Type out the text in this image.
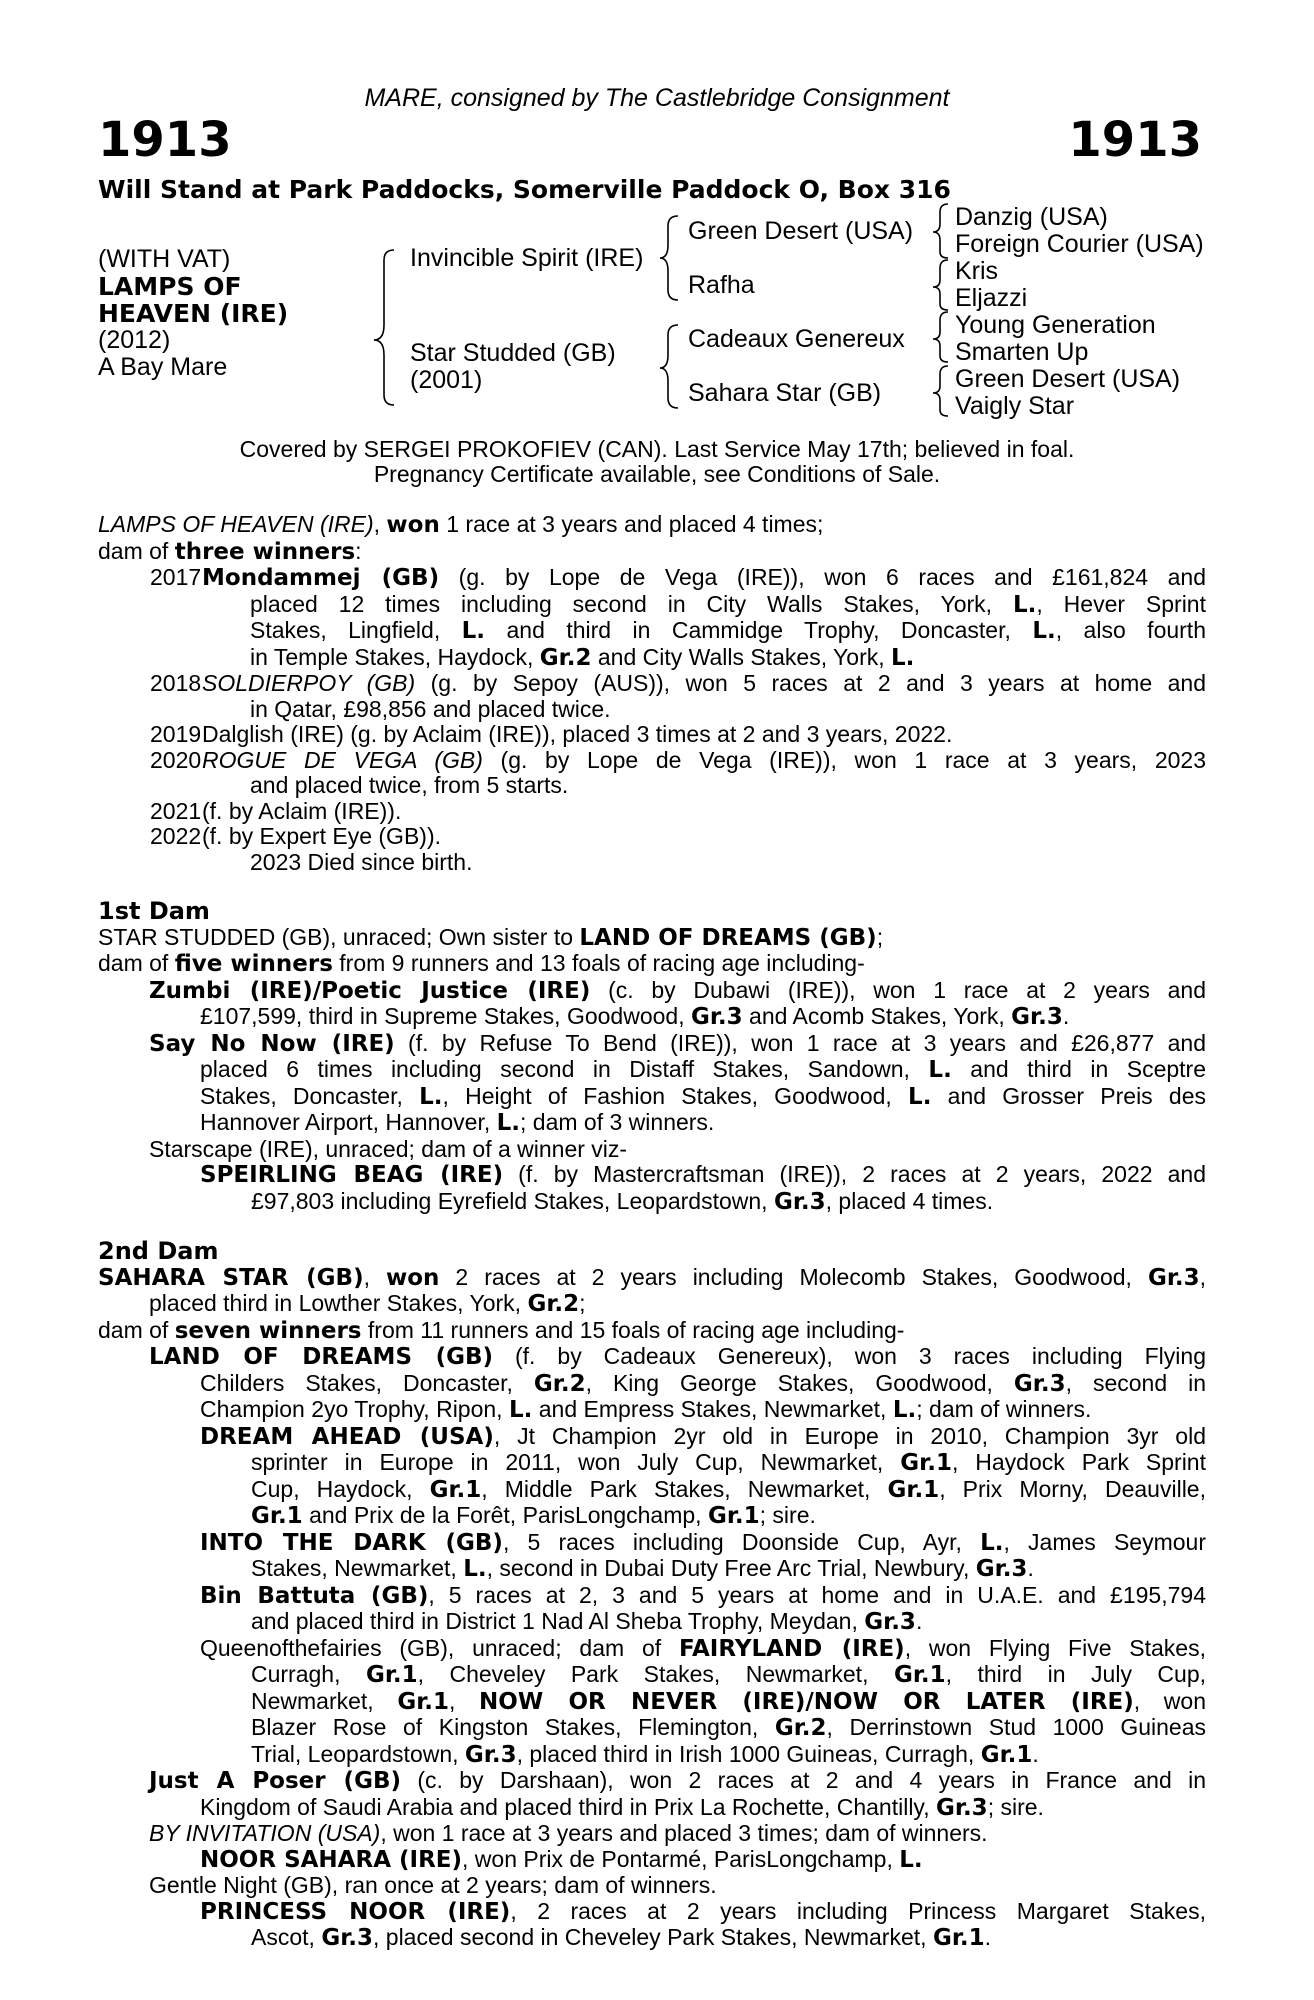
MARE, consigned by The Castlebridge Consignment
1913	1913
Will Stand at Park Paddocks, Somerville Paddock O, Box 316
(WITH VAT)
LAMPS OF
HEAVEN (IRE)
(2012)
A Bay Mare
Invincible Spirit (IRE)
Star Studded (GB)
(2001)
Green Desert (USA)
Rafha
Cadeaux Genereux
Sahara Star (GB)
Danzig (USA)
Foreign Courier (USA)
Kris
Eljazzi
Young Generation
Smarten Up
Green Desert (USA)
Vaigly Star
Covered by SERGEI PROKOFIEV (CAN). Last Service May 17th; believed in foal.
Pregnancy Certificate available, see Conditions of Sale.
LAMPS OF HEAVEN (IRE), won 1 race at 3 years and placed 4 times;
dam of three winners:
2017Mondammej (GB) (g. by Lope de Vega (IRE)), won 6 races and £161,824 and
placed 12 times including second in City Walls Stakes, York, L., Hever Sprint
Stakes, Lingfield, L. and third in Cammidge Trophy, Doncaster, L., also fourth
in Temple Stakes, Haydock, Gr.2 and City Walls Stakes, York, L.
2018SOLDIERPOY (GB) (g. by Sepoy (AUS)), won 5 races at 2 and 3 years at home and
in Qatar, £98,856 and placed twice.
2019Dalglish (IRE) (g. by Aclaim (IRE)), placed 3 times at 2 and 3 years, 2022.
2020ROGUE DE VEGA (GB) (g. by Lope de Vega (IRE)), won 1 race at 3 years, 2023
and placed twice, from 5 starts.
2021(f. by Aclaim (IRE)).
2022(f. by Expert Eye (GB)).
2023 Died since birth.
1st Dam
STAR STUDDED (GB), unraced; Own sister to LAND OF DREAMS (GB);
dam of five winners from 9 runners and 13 foals of racing age including-
Zumbi (IRE)/Poetic Justice (IRE) (c. by Dubawi (IRE)), won 1 race at 2 years and
£107,599, third in Supreme Stakes, Goodwood, Gr.3 and Acomb Stakes, York, Gr.3.
Say No Now (IRE) (f. by Refuse To Bend (IRE)), won 1 race at 3 years and £26,877 and
placed 6 times including second in Distaff Stakes, Sandown, L. and third in Sceptre
Stakes, Doncaster, L., Height of Fashion Stakes, Goodwood, L. and Grosser Preis des
Hannover Airport, Hannover, L.; dam of 3 winners.
Starscape (IRE), unraced; dam of a winner viz-
SPEIRLING BEAG (IRE) (f. by Mastercraftsman (IRE)), 2 races at 2 years, 2022 and
£97,803 including Eyrefield Stakes, Leopardstown, Gr.3, placed 4 times.
2nd Dam
SAHARA STAR (GB), won 2 races at 2 years including Molecomb Stakes, Goodwood, Gr.3,
placed third in Lowther Stakes, York, Gr.2;
dam of seven winners from 11 runners and 15 foals of racing age including-
LAND OF DREAMS (GB) (f. by Cadeaux Genereux), won 3 races including Flying
Childers Stakes, Doncaster, Gr.2, King George Stakes, Goodwood, Gr.3, second in
Champion 2yo Trophy, Ripon, L. and Empress Stakes, Newmarket, L.; dam of winners.
DREAM AHEAD (USA), Jt Champion 2yr old in Europe in 2010, Champion 3yr old
sprinter in Europe in 2011, won July Cup, Newmarket, Gr.1, Haydock Park Sprint
Cup, Haydock, Gr.1, Middle Park Stakes, Newmarket, Gr.1, Prix Morny, Deauville,
Gr.1 and Prix de la Forêt, ParisLongchamp, Gr.1; sire.
INTO THE DARK (GB), 5 races including Doonside Cup, Ayr, L., James Seymour
Stakes, Newmarket, L., second in Dubai Duty Free Arc Trial, Newbury, Gr.3.
Bin Battuta (GB), 5 races at 2, 3 and 5 years at home and in U.A.E. and £195,794
and placed third in District 1 Nad Al Sheba Trophy, Meydan, Gr.3.
Queenofthefairies (GB), unraced; dam of FAIRYLAND (IRE), won Flying Five Stakes,
Curragh, Gr.1, Cheveley Park Stakes, Newmarket, Gr.1, third in July Cup,
Newmarket, Gr.1, NOW OR NEVER (IRE)/NOW OR LATER (IRE), won
Blazer Rose of Kingston Stakes, Flemington, Gr.2, Derrinstown Stud 1000 Guineas
Trial, Leopardstown, Gr.3, placed third in Irish 1000 Guineas, Curragh, Gr.1.
Just A Poser (GB) (c. by Darshaan), won 2 races at 2 and 4 years in France and in
Kingdom of Saudi Arabia and placed third in Prix La Rochette, Chantilly, Gr.3; sire.
BY INVITATION (USA), won 1 race at 3 years and placed 3 times; dam of winners.
NOOR SAHARA (IRE), won Prix de Pontarmé, ParisLongchamp, L.
Gentle Night (GB), ran once at 2 years; dam of winners.
PRINCESS NOOR (IRE), 2 races at 2 years including Princess Margaret Stakes,
Ascot, Gr.3, placed second in Cheveley Park Stakes, Newmarket, Gr.1.
